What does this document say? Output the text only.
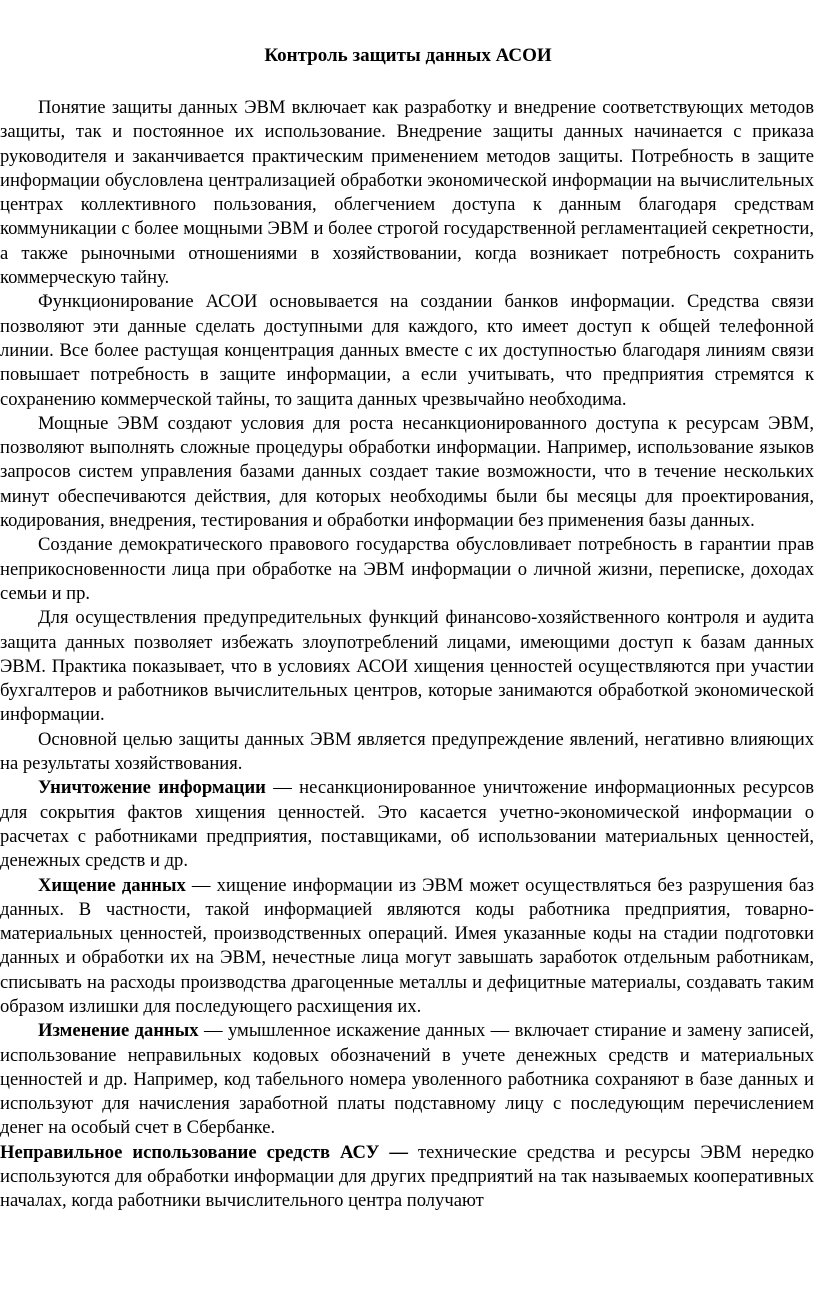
Контроль защиты данных АСОИ

Понятие защиты данных ЭВМ включает как разработку и внедрение соответствующих методов защиты, так и постоянное их использование. Внедрение защиты данных начинается с приказа руководителя и заканчивается практическим применением методов защиты. Потребность в защите информации обусловлена централизацией обработки экономической информации на вычислительных центрах коллективного пользования, облегчением доступа к данным благодаря средствам коммуникации с более мощными ЭВМ и более строгой государственной регламентацией секретности, а также рыночными отношениями в хозяйствовании, когда возникает потребность сохранить коммерческую тайну.

Функционирование АСОИ основывается на создании банков информации. Средства связи позволяют эти данные сделать доступными для каждого, кто имеет доступ к общей телефонной линии. Все более растущая концентрация данных вместе с их доступностью благодаря линиям связи повышает потребность в защите информации, а если учитывать, что предприятия стремятся к сохранению коммерческой тайны, то защита данных чрезвычайно необходима.

Мощные ЭВМ создают условия для роста несанкционированного доступа к ресурсам ЭВМ, позволяют выполнять сложные процедуры обработки информации. Например, использование языков запросов систем управления базами данных создает такие возможности, что в течение нескольких минут обеспечиваются действия, для которых необходимы были бы месяцы для проектирования, кодирования, внедрения, тестирования и обработки информации без применения базы данных.

Создание демократического правового государства обусловливает потребность в гарантии прав неприкосновенности лица при обработке на ЭВМ информации о личной жизни, переписке, доходах семьи и пр.

Для осуществления предупредительных функций финансово-хозяйственного контроля и аудита защита данных позволяет избежать злоупотреблений лицами, имеющими доступ к базам данных ЭВМ. Практика показывает, что в условиях АСОИ хищения ценностей осуществляются при участии бухгалтеров и работников вычислительных центров, которые занимаются обработкой экономической информации.

Основной целью защиты данных ЭВМ является предупреждение явлений, негативно влияющих на результаты хозяйствования.

Уничтожение информации — несанкционированное уничтожение информационных ресурсов для сокрытия фактов хищения ценностей. Это касается учетно-экономической информации о расчетах с работниками предприятия, поставщиками, об использовании материальных ценностей, денежных средств и др.

Хищение данных — хищение информации из ЭВМ может осуществляться без разрушения баз данных. В частности, такой информацией являются коды работника предприятия, товарно-материальных ценностей, производственных операций. Имея указанные коды на стадии подготовки данных и обработки их на ЭВМ, нечестные лица могут завышать заработок отдельным работникам, списывать на расходы производства драгоценные металлы и дефицитные материалы, создавать таким образом излишки для последующего расхищения их.

Изменение данных — умышленное искажение данных — включает стирание и замену записей, использование неправильных кодовых обозначений в учете денежных средств и материальных ценностей и др. Например, код табельного номера уволенного работника сохраняют в базе данных и используют для начисления заработной платы подставному лицу с последующим перечислением денег на особый счет в Сбербанке.

Неправильное использование средств АСУ — технические средства и ресурсы ЭВМ нередко используются для обработки информации для других предприятий на так называемых кооперативных началах, когда работники вычислительного центра получают
